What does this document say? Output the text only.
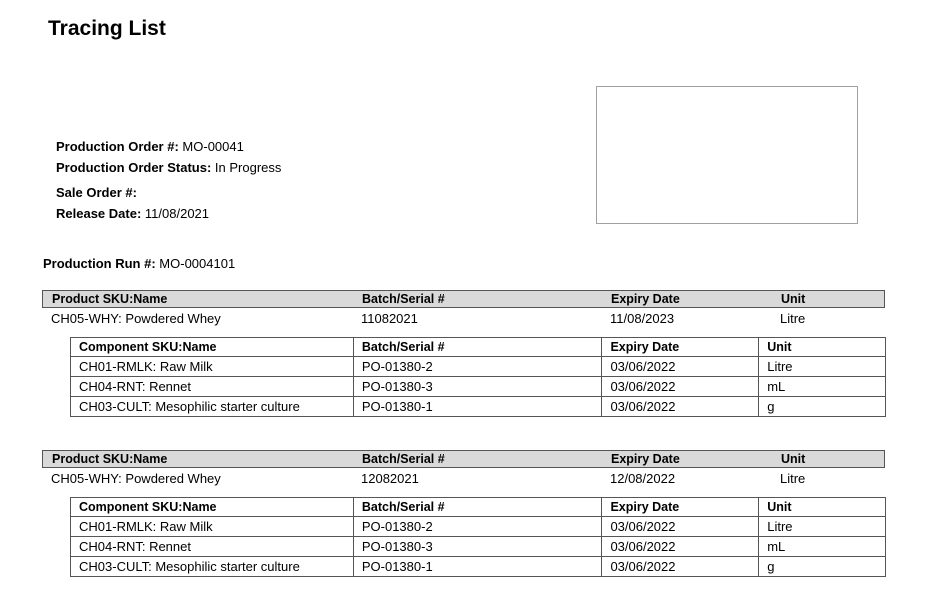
Tracing List
Production Order #: MO-00041
Production Order Status: In Progress
Sale Order #:
Release Date: 11/08/2021
Production Run #: MO-0004101
Product SKU:Name	Batch/Serial #	Expiry Date	Unit
CH05-WHY: Powdered Whey	11082021	11/08/2023	Litre
Component SKU:Name	Batch/Serial #	Expiry Date	Unit
CH01-RMLK: Raw Milk	PO-01380-2	03/06/2022	Litre
CH04-RNT: Rennet	PO-01380-3	03/06/2022	mL
CH03-CULT: Mesophilic starter culture	PO-01380-1	03/06/2022	g
Product SKU:Name	Batch/Serial #	Expiry Date	Unit
CH05-WHY: Powdered Whey	12082021	12/08/2022	Litre
Component SKU:Name	Batch/Serial #	Expiry Date	Unit
CH01-RMLK: Raw Milk	PO-01380-2	03/06/2022	Litre
CH04-RNT: Rennet	PO-01380-3	03/06/2022	mL
CH03-CULT: Mesophilic starter culture	PO-01380-1	03/06/2022	g
